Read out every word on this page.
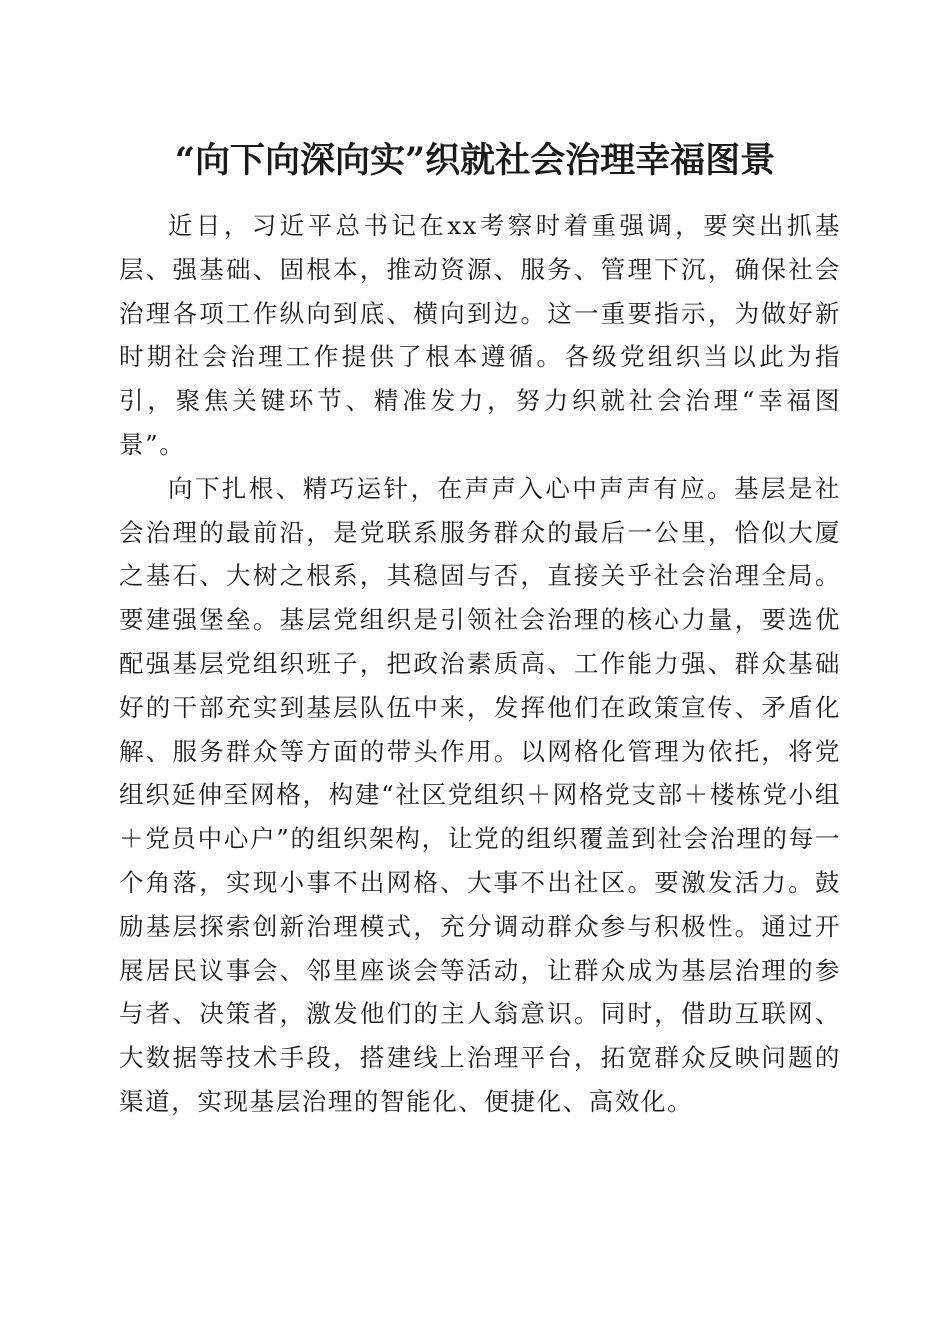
“向下向深向实”织就社会治理幸福图景

近日，习近平总书记在xx考察时着重强调，要突出抓基层、强基础、固根本，推动资源、服务、管理下沉，确保社会治理各项工作纵向到底、横向到边。这一重要指示，为做好新时期社会治理工作提供了根本遵循。各级党组织当以此为指引，聚焦关键环节、精准发力，努力织就社会治理“幸福图景”。

向下扎根、精巧运针，在声声入心中声声有应。基层是社会治理的最前沿，是党联系服务群众的最后一公里，恰似大厦之基石、大树之根系，其稳固与否，直接关乎社会治理全局。要建强堡垒。基层党组织是引领社会治理的核心力量，要选优配强基层党组织班子，把政治素质高、工作能力强、群众基础好的干部充实到基层队伍中来，发挥他们在政策宣传、矛盾化解、服务群众等方面的带头作用。以网格化管理为依托，将党组织延伸至网格，构建“社区党组织＋网格党支部＋楼栋党小组＋党员中心户”的组织架构，让党的组织覆盖到社会治理的每一个角落，实现小事不出网格、大事不出社区。要激发活力。鼓励基层探索创新治理模式，充分调动群众参与积极性。通过开展居民议事会、邻里座谈会等活动，让群众成为基层治理的参与者、决策者，激发他们的主人翁意识。同时，借助互联网、大数据等技术手段，搭建线上治理平台，拓宽群众反映问题的渠道，实现基层治理的智能化、便捷化、高效化。
